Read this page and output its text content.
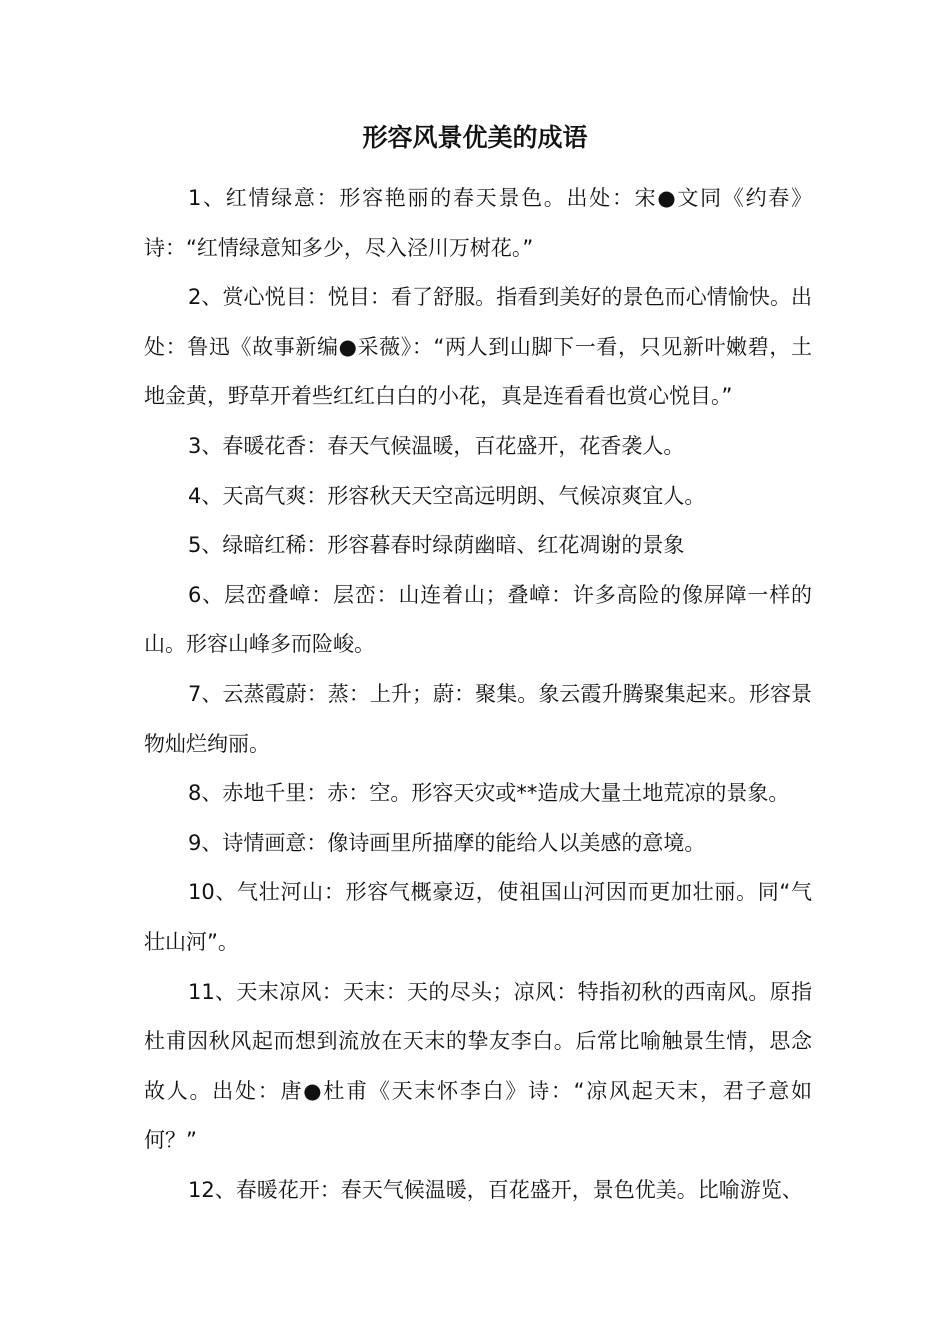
形容风景优美的成语

1、红情绿意：形容艳丽的春天景色。出处：宋●文同《约春》诗：“红情绿意知多少，尽入泾川万树花。”

2、赏心悦目：悦目：看了舒服。指看到美好的景色而心情愉快。出处：鲁迅《故事新编●采薇》：“两人到山脚下一看，只见新叶嫩碧，土地金黄，野草开着些红红白白的小花，真是连看看也赏心悦目。”

3、春暖花香：春天气候温暖，百花盛开，花香袭人。

4、天高气爽：形容秋天天空高远明朗、气候凉爽宜人。

5、绿暗红稀：形容暮春时绿荫幽暗、红花凋谢的景象

6、层峦叠嶂：层峦：山连着山；叠嶂：许多高险的像屏障一样的山。形容山峰多而险峻。

7、云蒸霞蔚：蒸：上升；蔚：聚集。象云霞升腾聚集起来。形容景物灿烂绚丽。

8、赤地千里：赤：空。形容天灾或**造成大量土地荒凉的景象。

9、诗情画意：像诗画里所描摩的能给人以美感的意境。

10、气壮河山：形容气概豪迈，使祖国山河因而更加壮丽。同“气壮山河”。

11、天末凉风：天末：天的尽头；凉风：特指初秋的西南风。原指杜甫因秋风起而想到流放在天末的挚友李白。后常比喻触景生情，思念故人。出处：唐●杜甫《天末怀李白》诗：“凉风起天末，君子意如何？”

12、春暖花开：春天气候温暖，百花盛开，景色优美。比喻游览、
